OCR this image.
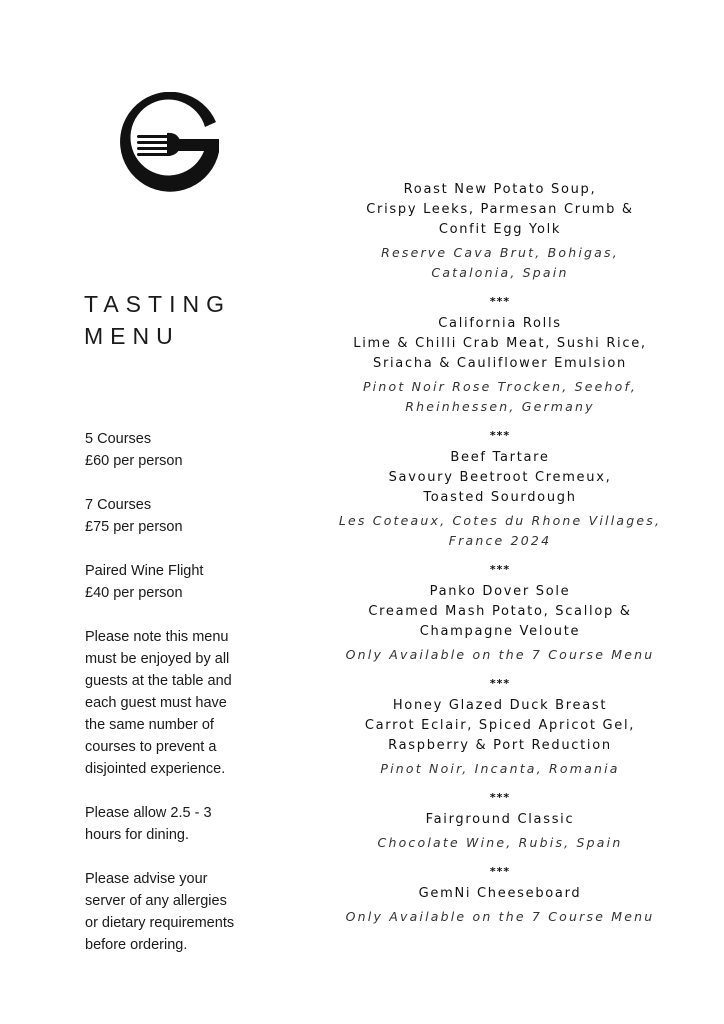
TASTING
MENU

5 Courses
£60 per person

7 Courses
£75 per person

Paired Wine Flight
£40 per person

Please note this menu
must be enjoyed by all
guests at the table and
each guest must have
the same number of
courses to prevent a
disjointed experience.

Please allow 2.5 - 3
hours for dining.

Please advise your
server of any allergies
or dietary requirements
before ordering.

Roast New Potato Soup,
Crispy Leeks, Parmesan Crumb &
Confit Egg Yolk
Reserve Cava Brut, Bohigas,
Catalonia, Spain
***
California Rolls
Lime & Chilli Crab Meat, Sushi Rice,
Sriacha & Cauliflower Emulsion
Pinot Noir Rose Trocken, Seehof,
Rheinhessen, Germany
***
Beef Tartare
Savoury Beetroot Cremeux,
Toasted Sourdough
Les Coteaux, Cotes du Rhone Villages,
France 2024
***
Panko Dover Sole
Creamed Mash Potato, Scallop &
Champagne Veloute
Only Available on the 7 Course Menu
***
Honey Glazed Duck Breast
Carrot Eclair, Spiced Apricot Gel,
Raspberry & Port Reduction
Pinot Noir, Incanta, Romania
***
Fairground Classic
Chocolate Wine, Rubis, Spain
***
GemNi Cheeseboard
Only Available on the 7 Course Menu
